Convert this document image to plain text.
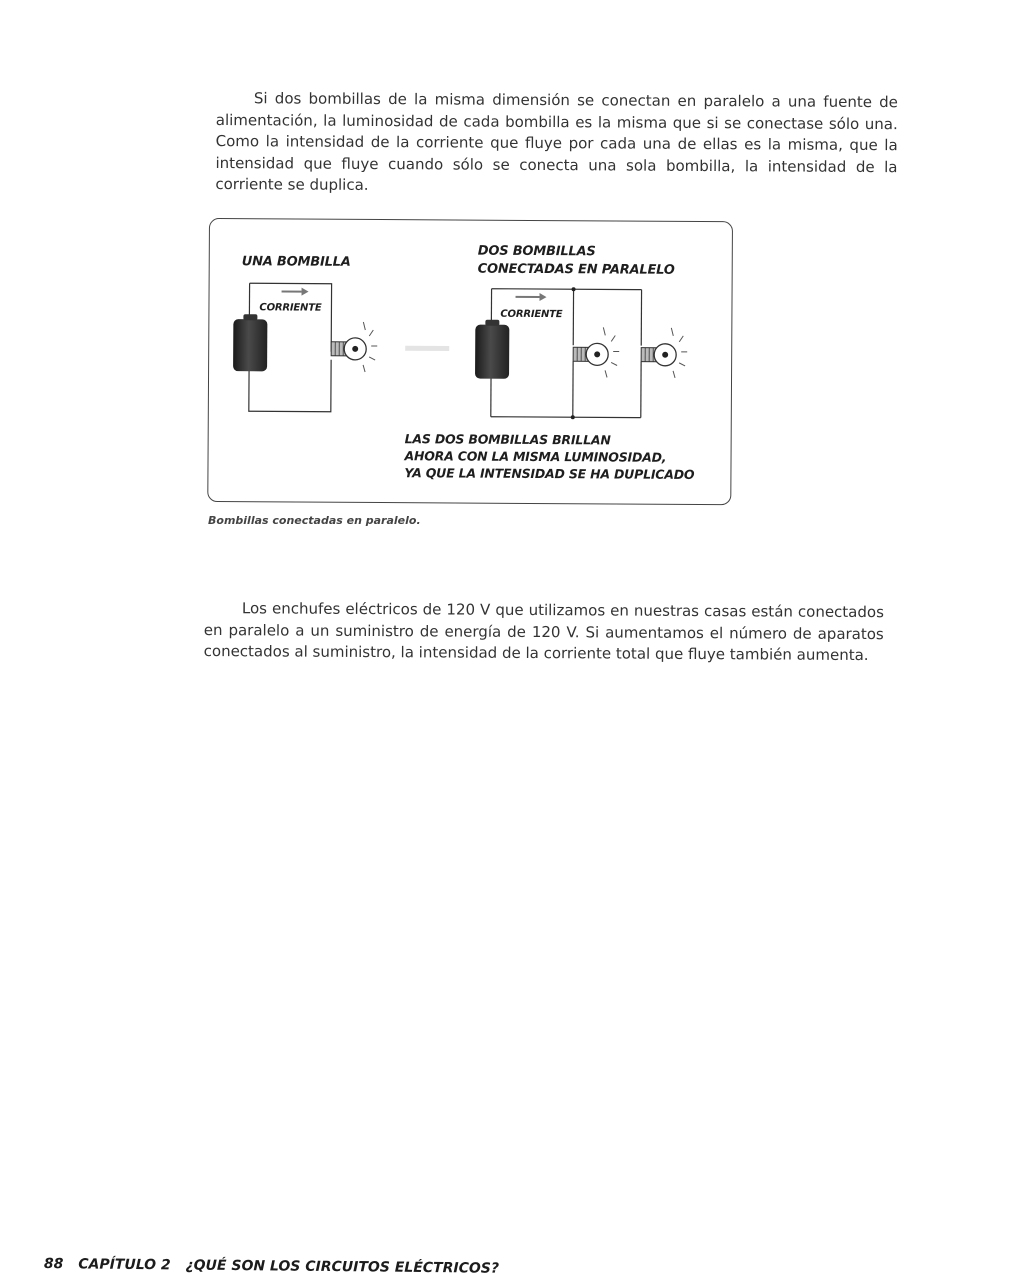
Si dos bombillas de la misma dimensión se conectan en paralelo a una fuente de alimentación, la luminosidad de cada bombilla es la misma que si se conectase sólo una. Como la intensidad de la corriente que fluye por cada una de ellas es la misma, que la intensidad que fluye cuando sólo se conecta una sola bombilla, la intensidad de la corriente se duplica.

UNA BOMBILLA
DOS BOMBILLAS
CONECTADAS EN PARALELO
CORRIENTE
CORRIENTE
LAS DOS BOMBILLAS BRILLAN
AHORA CON LA MISMA LUMINOSIDAD,
YA QUE LA INTENSIDAD SE HA DUPLICADO
Bombillas conectadas en paralelo.

Los enchufes eléctricos de 120 V que utilizamos en nuestras casas están conectados en paralelo a un suministro de energía de 120 V. Si aumentamos el número de aparatos conectados al suministro, la intensidad de la corriente total que fluye también aumenta.

88 CAPÍTULO 2 ¿QUÉ SON LOS CIRCUITOS ELÉCTRICOS?
